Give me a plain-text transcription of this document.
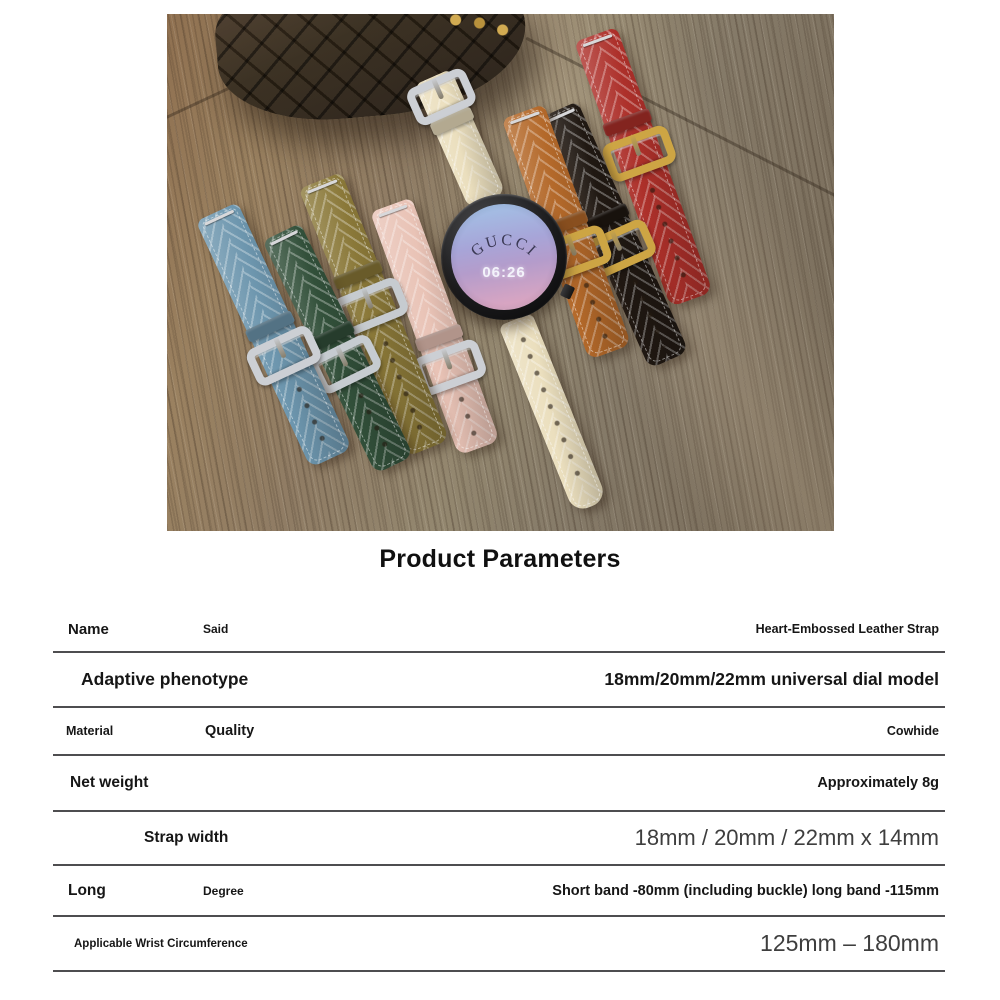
GUCCI
06:26
Product Parameters
Name	Said	Heart-Embossed Leather Strap
Adaptive phenotype	18mm/20mm/22mm universal dial model
Material	Quality	Cowhide
Net weight	Approximately 8g
Strap width	18mm / 20mm / 22mm x 14mm
Long	Degree	Short band -80mm (including buckle) long band -115mm
Applicable Wrist Circumference	125mm – 180mm
